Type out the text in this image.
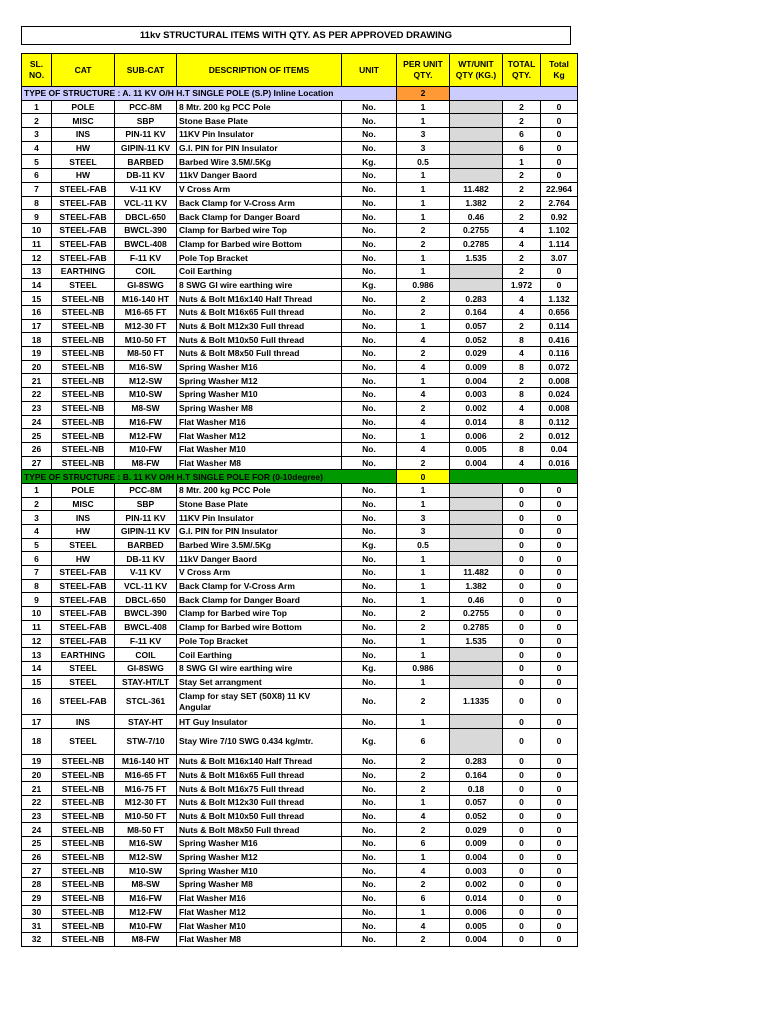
11kv STRUCTURAL ITEMS WITH QTY. AS PER APPROVED DRAWING
SL. NO.	CAT	SUB-CAT	DESCRIPTION OF ITEMS	UNIT	PER UNIT QTY.	WT/UNIT QTY (KG.)	TOTAL QTY.	Total Kg
TYPE OF STRUCTURE : A. 11 KV O/H H.T SINGLE POLE (S.P) Inline Location					2			
1	POLE	PCC-8M	8 Mtr. 200 kg PCC Pole	No.	1		2	0
2	MISC	SBP	Stone Base Plate	No.	1		2	0
3	INS	PIN-11 KV	11KV Pin Insulator	No.	3		6	0
4	HW	GIPIN-11 KV	G.I. PIN for PIN Insulator	No.	3		6	0
5	STEEL	BARBED	Barbed Wire 3.5M/.5Kg	Kg.	0.5		1	0
6	HW	DB-11 KV	11kV Danger Baord	No.	1		2	0
7	STEEL-FAB	V-11 KV	V Cross Arm	No.	1	11.482	2	22.964
8	STEEL-FAB	VCL-11 KV	Back Clamp for V-Cross Arm	No.	1	1.382	2	2.764
9	STEEL-FAB	DBCL-650	Back Clamp for Danger Board	No.	1	0.46	2	0.92
10	STEEL-FAB	BWCL-390	Clamp for Barbed wire Top	No.	2	0.2755	4	1.102
11	STEEL-FAB	BWCL-408	Clamp for Barbed wire Bottom	No.	2	0.2785	4	1.114
12	STEEL-FAB	F-11 KV	Pole Top Bracket	No.	1	1.535	2	3.07
13	EARTHING	COIL	Coil Earthing	No.	1		2	0
14	STEEL	GI-8SWG	8 SWG GI wire earthing wire	Kg.	0.986		1.972	0
15	STEEL-NB	M16-140 HT	Nuts & Bolt M16x140 Half Thread	No.	2	0.283	4	1.132
16	STEEL-NB	M16-65 FT	Nuts & Bolt M16x65 Full thread	No.	2	0.164	4	0.656
17	STEEL-NB	M12-30 FT	Nuts & Bolt M12x30 Full thread	No.	1	0.057	2	0.114
18	STEEL-NB	M10-50 FT	Nuts & Bolt M10x50 Full thread	No.	4	0.052	8	0.416
19	STEEL-NB	M8-50 FT	Nuts & Bolt M8x50 Full thread	No.	2	0.029	4	0.116
20	STEEL-NB	M16-SW	Spring Washer M16	No.	4	0.009	8	0.072
21	STEEL-NB	M12-SW	Spring Washer M12	No.	1	0.004	2	0.008
22	STEEL-NB	M10-SW	Spring Washer M10	No.	4	0.003	8	0.024
23	STEEL-NB	M8-SW	Spring Washer M8	No.	2	0.002	4	0.008
24	STEEL-NB	M16-FW	Flat Washer M16	No.	4	0.014	8	0.112
25	STEEL-NB	M12-FW	Flat Washer M12	No.	1	0.006	2	0.012
26	STEEL-NB	M10-FW	Flat Washer M10	No.	4	0.005	8	0.04
27	STEEL-NB	M8-FW	Flat Washer M8	No.	2	0.004	4	0.016
TYPE OF STRUCTURE : B. 11 KV O/H H.T SINGLE POLE FOR (0-10degree)					0			
1	POLE	PCC-8M	8 Mtr. 200 kg PCC Pole	No.	1		0	0
2	MISC	SBP	Stone Base Plate	No.	1		0	0
3	INS	PIN-11 KV	11KV Pin Insulator	No.	3		0	0
4	HW	GIPIN-11 KV	G.I. PIN for PIN Insulator	No.	3		0	0
5	STEEL	BARBED	Barbed Wire 3.5M/.5Kg	Kg.	0.5		0	0
6	HW	DB-11 KV	11kV Danger Baord	No.	1		0	0
7	STEEL-FAB	V-11 KV	V Cross Arm	No.	1	11.482	0	0
8	STEEL-FAB	VCL-11 KV	Back Clamp for V-Cross Arm	No.	1	1.382	0	0
9	STEEL-FAB	DBCL-650	Back Clamp for Danger Board	No.	1	0.46	0	0
10	STEEL-FAB	BWCL-390	Clamp for Barbed wire Top	No.	2	0.2755	0	0
11	STEEL-FAB	BWCL-408	Clamp for Barbed wire Bottom	No.	2	0.2785	0	0
12	STEEL-FAB	F-11 KV	Pole Top Bracket	No.	1	1.535	0	0
13	EARTHING	COIL	Coil Earthing	No.	1		0	0
14	STEEL	GI-8SWG	8 SWG GI wire earthing wire	Kg.	0.986		0	0
15	STEEL	STAY-HT/LT	Stay Set arrangment	No.	1		0	0
16	STEEL-FAB	STCL-361	Clamp for stay SET (50X8) 11 KV Angular	No.	2	1.1335	0	0
17	INS	STAY-HT	HT Guy Insulator	No.	1		0	0
18	STEEL	STW-7/10	Stay Wire 7/10 SWG 0.434 kg/mtr.	Kg.	6		0	0
19	STEEL-NB	M16-140 HT	Nuts & Bolt M16x140 Half Thread	No.	2	0.283	0	0
20	STEEL-NB	M16-65 FT	Nuts & Bolt M16x65 Full thread	No.	2	0.164	0	0
21	STEEL-NB	M16-75 FT	Nuts & Bolt M16x75 Full thread	No.	2	0.18	0	0
22	STEEL-NB	M12-30 FT	Nuts & Bolt M12x30 Full thread	No.	1	0.057	0	0
23	STEEL-NB	M10-50 FT	Nuts & Bolt M10x50 Full thread	No.	4	0.052	0	0
24	STEEL-NB	M8-50 FT	Nuts & Bolt M8x50 Full thread	No.	2	0.029	0	0
25	STEEL-NB	M16-SW	Spring Washer M16	No.	6	0.009	0	0
26	STEEL-NB	M12-SW	Spring Washer M12	No.	1	0.004	0	0
27	STEEL-NB	M10-SW	Spring Washer M10	No.	4	0.003	0	0
28	STEEL-NB	M8-SW	Spring Washer M8	No.	2	0.002	0	0
29	STEEL-NB	M16-FW	Flat Washer M16	No.	6	0.014	0	0
30	STEEL-NB	M12-FW	Flat Washer M12	No.	1	0.006	0	0
31	STEEL-NB	M10-FW	Flat Washer M10	No.	4	0.005	0	0
32	STEEL-NB	M8-FW	Flat Washer M8	No.	2	0.004	0	0
